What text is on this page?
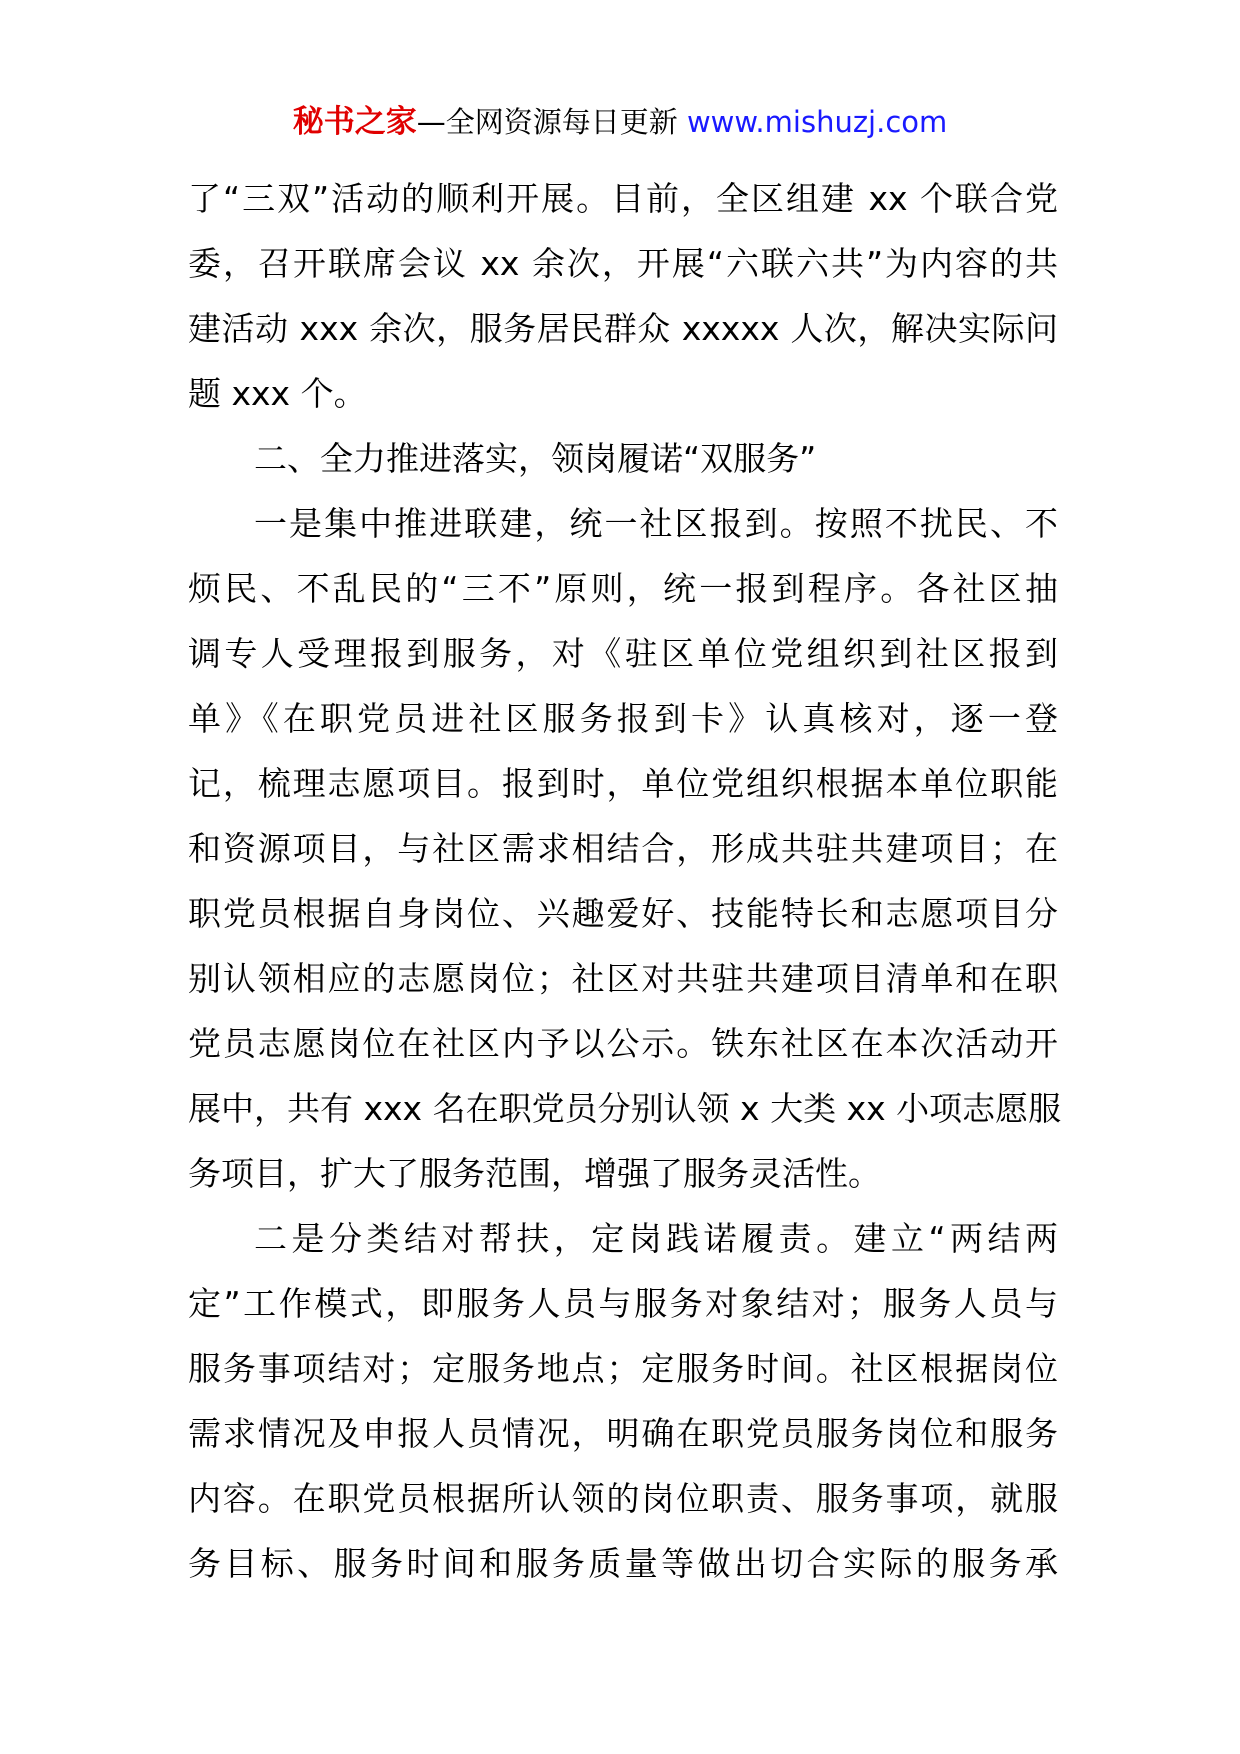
秘书之家—全网资源每日更新 www.mishuzj.com
了“三双”活动的顺利开展。目前，全区组建 xx 个联合党
委，召开联席会议 xx 余次，开展“六联六共”为内容的共
建活动 xxx 余次，服务居民群众 xxxxx 人次，解决实际问
题 xxx 个。
二、全力推进落实，领岗履诺“双服务”
一是集中推进联建，统一社区报到。按照不扰民、不
烦民、不乱民的“三不”原则，统一报到程序。各社区抽
调专人受理报到服务，对《驻区单位党组织到社区报到
单》《在职党员进社区服务报到卡》认真核对，逐一登
记，梳理志愿项目。报到时，单位党组织根据本单位职能
和资源项目，与社区需求相结合，形成共驻共建项目；在
职党员根据自身岗位、兴趣爱好、技能特长和志愿项目分
别认领相应的志愿岗位；社区对共驻共建项目清单和在职
党员志愿岗位在社区内予以公示。铁东社区在本次活动开
展中，共有 xxx 名在职党员分别认领 x 大类 xx 小项志愿服
务项目，扩大了服务范围，增强了服务灵活性。
二是分类结对帮扶，定岗践诺履责。建立“两结两
定”工作模式，即服务人员与服务对象结对；服务人员与
服务事项结对；定服务地点；定服务时间。社区根据岗位
需求情况及申报人员情况，明确在职党员服务岗位和服务
内容。在职党员根据所认领的岗位职责、服务事项，就服
务目标、服务时间和服务质量等做出切合实际的服务承
